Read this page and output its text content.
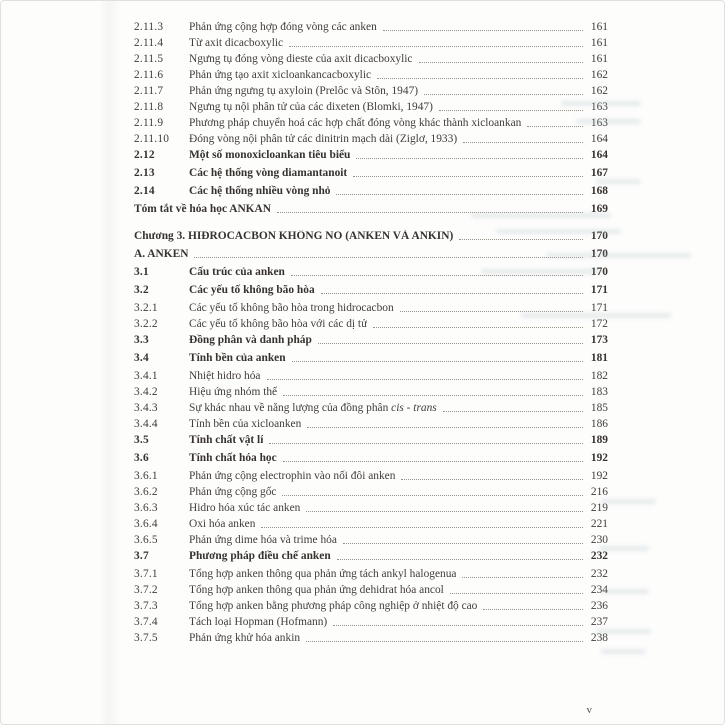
2.11.3	Phản ứng cộng hợp đóng vòng các anken	161
2.11.4	Từ axit dicacboxylic	161
2.11.5	Ngưng tụ đóng vòng dieste của axit dicacboxylic	161
2.11.6	Phản ứng tạo axit xicloankancacboxylic	162
2.11.7	Phản ứng ngưng tụ axyloin (Prelôc và Stôn, 1947)	162
2.11.8	Ngưng tụ nội phân tử của các dixeten (Blomki, 1947)	163
2.11.9	Phương pháp chuyển hoá các hợp chất đóng vòng khác thành xicloankan	163
2.11.10	Đóng vòng nội phân tử các dinitrin mạch dài (Ziglơ, 1933)	164
2.12	Một số monoxicloankan tiêu biểu	164
2.13	Các hệ thống vòng diamantanoit	167
2.14	Các hệ thống nhiều vòng nhỏ	168
Tóm tắt về hóa học ANKAN	169
Chương 3. HIĐROCACBON KHÔNG NO (ANKEN VÀ ANKIN)	170
A. ANKEN	170
3.1	Cấu trúc của anken	170
3.2	Các yếu tố không bão hòa	171
3.2.1	Các yếu tố không bão hòa trong hidrocacbon	171
3.2.2	Các yếu tố không bão hòa với các dị tử	172
3.3	Đồng phân và danh pháp	173
3.4	Tính bền của anken	181
3.4.1	Nhiệt hidro hóa	182
3.4.2	Hiệu ứng nhóm thế	183
3.4.3	Sự khác nhau về năng lượng của đồng phân cis - trans	185
3.4.4	Tính bền của xicloanken	186
3.5	Tính chất vật lí	189
3.6	Tính chất hóa học	192
3.6.1	Phản ứng cộng electrophin vào nối đôi anken	192
3.6.2	Phản ứng cộng gốc	216
3.6.3	Hidro hóa xúc tác anken	219
3.6.4	Oxi hóa anken	221
3.6.5	Phản ứng dime hóa và trime hóa	230
3.7	Phương pháp điều chế anken	232
3.7.1	Tổng hợp anken thông qua phản ứng tách ankyl halogenua	232
3.7.2	Tổng hợp anken thông qua phản ứng dehidrat hóa ancol	234
3.7.3	Tổng hợp anken bằng phương pháp công nghiệp ở nhiệt độ cao	236
3.7.4	Tách loại Hopman (Hofmann)	237
3.7.5	Phản ứng khử hóa ankin	238
v
